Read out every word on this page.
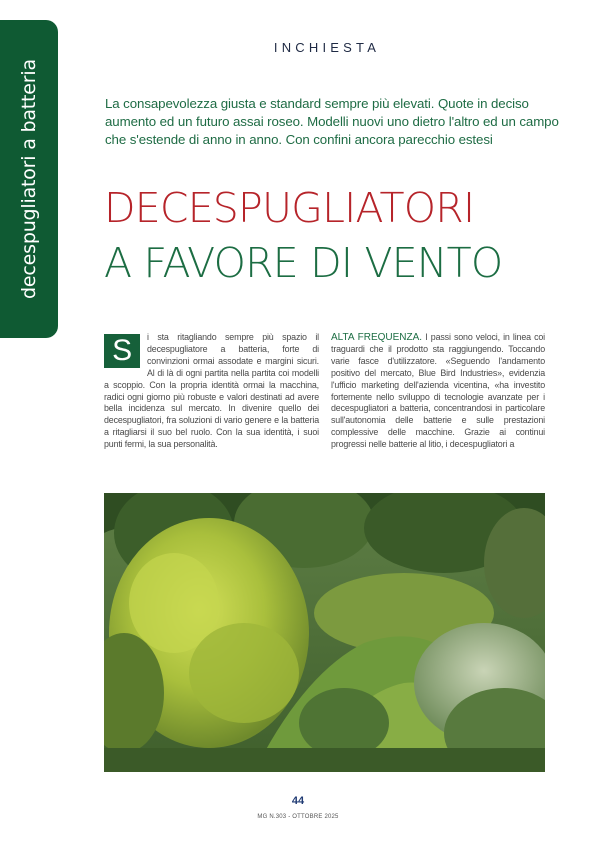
decespugliatori a batteria
INCHIESTA
La consapevolezza giusta e standard sempre più elevati. Quote in deciso aumento ed un futuro assai roseo. Modelli nuovi uno dietro l'altro ed un campo che s'estende di anno in anno. Con confini ancora parecchio estesi
DECESPUGLIATORI
A FAVORE DI VENTO
S	i sta ritagliando sempre più spazio il decespugliatore a batteria, forte di convinzioni ormai assodate e margini sicuri. Al di là di ogni partita nella partita coi modelli a scoppio. Con la propria identità ormai la macchina, radici ogni giorno più robuste e valori destinati ad avere bella incidenza sul mercato. In divenire quello dei decespugliatori, fra soluzioni di vario genere e la batteria a ritagliarsi il suo bel ruolo. Con la sua identità, i suoi punti fermi, la sua personalità.
ALTA FREQUENZA. I passi sono veloci, in linea coi traguardi che il prodotto sta raggiungendo. Toccando varie fasce d'utilizzatore. «Seguendo l'andamento positivo del mercato, Blue Bird Industries», evidenzia l'ufficio marketing dell'azienda vicentina, «ha investito fortemente nello sviluppo di tecnologie avanzate per i decespugliatori a batteria, concentrandosi in particolare sull'autonomia delle batterie e sulle prestazioni complessive delle macchine. Grazie ai continui progressi nelle batterie al litio, i decespugliatori a
44
MG N.303 - OTTOBRE 2025
